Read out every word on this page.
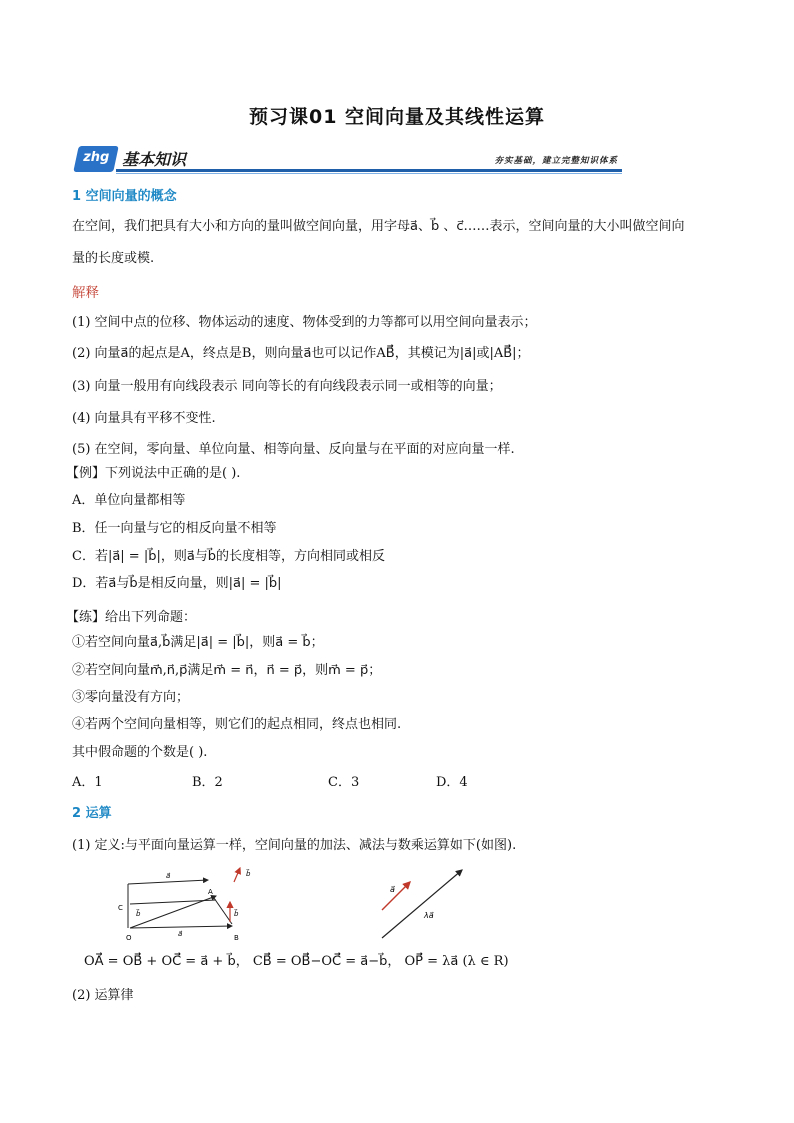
预习课01 空间向量及其线性运算
zhg 基本知识	夯实基础，建立完整知识体系
1 空间向量的概念
在空间，我们把具有大小和方向的量叫做空间向量，用字母a⃗、b⃗ 、c⃗……表示，空间向量的大小叫做空间向
量的长度或模.
解释
(1) 空间中点的位移、物体运动的速度、物体受到的力等都可以用空间向量表示；
(2) 向量a⃗的起点是A，终点是B，则向量a⃗也可以记作AB⃗⃗⃗⃗⃗，其模记为|a⃗|或|AB⃗⃗⃗⃗⃗|；
(3) 向量一般用有向线段表示 同向等长的有向线段表示同一或相等的向量；
(4) 向量具有平移不变性.
(5) 在空间，零向量、单位向量、相等向量、反向量与在平面的对应向量一样.
【例】下列说法中正确的是( ).
A．单位向量都相等
B．任一向量与它的相反向量不相等
C．若|a⃗| = |b⃗|，则a⃗与b⃗的长度相等，方向相同或相反
D．若a⃗与b⃗是相反向量，则|a⃗| = |b⃗|
【练】给出下列命题：
①若空间向量a⃗,b⃗满足|a⃗| = |b⃗|，则a⃗ = b⃗；
②若空间向量m⃗,n⃗,p⃗满足m⃗ = n⃗，n⃗ = p⃗，则m⃗ = p⃗；
③零向量没有方向；
④若两个空间向量相等，则它们的起点相同，终点也相同.
其中假命题的个数是( ).
A．1	B．2	C．3	D．4
2 运算
(1) 定义:与平面向量运算一样，空间向量的加法、减法与数乘运算如下(如图).
a⃗	b⃗
b⃗
b⃗
a⃗
A
B
C
O
a⃗
λa⃗
OA⃗⃗⃗⃗⃗ = OB⃗⃗⃗⃗⃗ + OC⃗⃗⃗⃗⃗ = a⃗ + b⃗， CB⃗⃗⃗⃗⃗ = OB⃗⃗⃗⃗⃗−OC⃗⃗⃗⃗⃗ = a⃗−b⃗， OP⃗⃗⃗⃗⃗ = λa⃗ (λ ∈ R)
(2) 运算律
